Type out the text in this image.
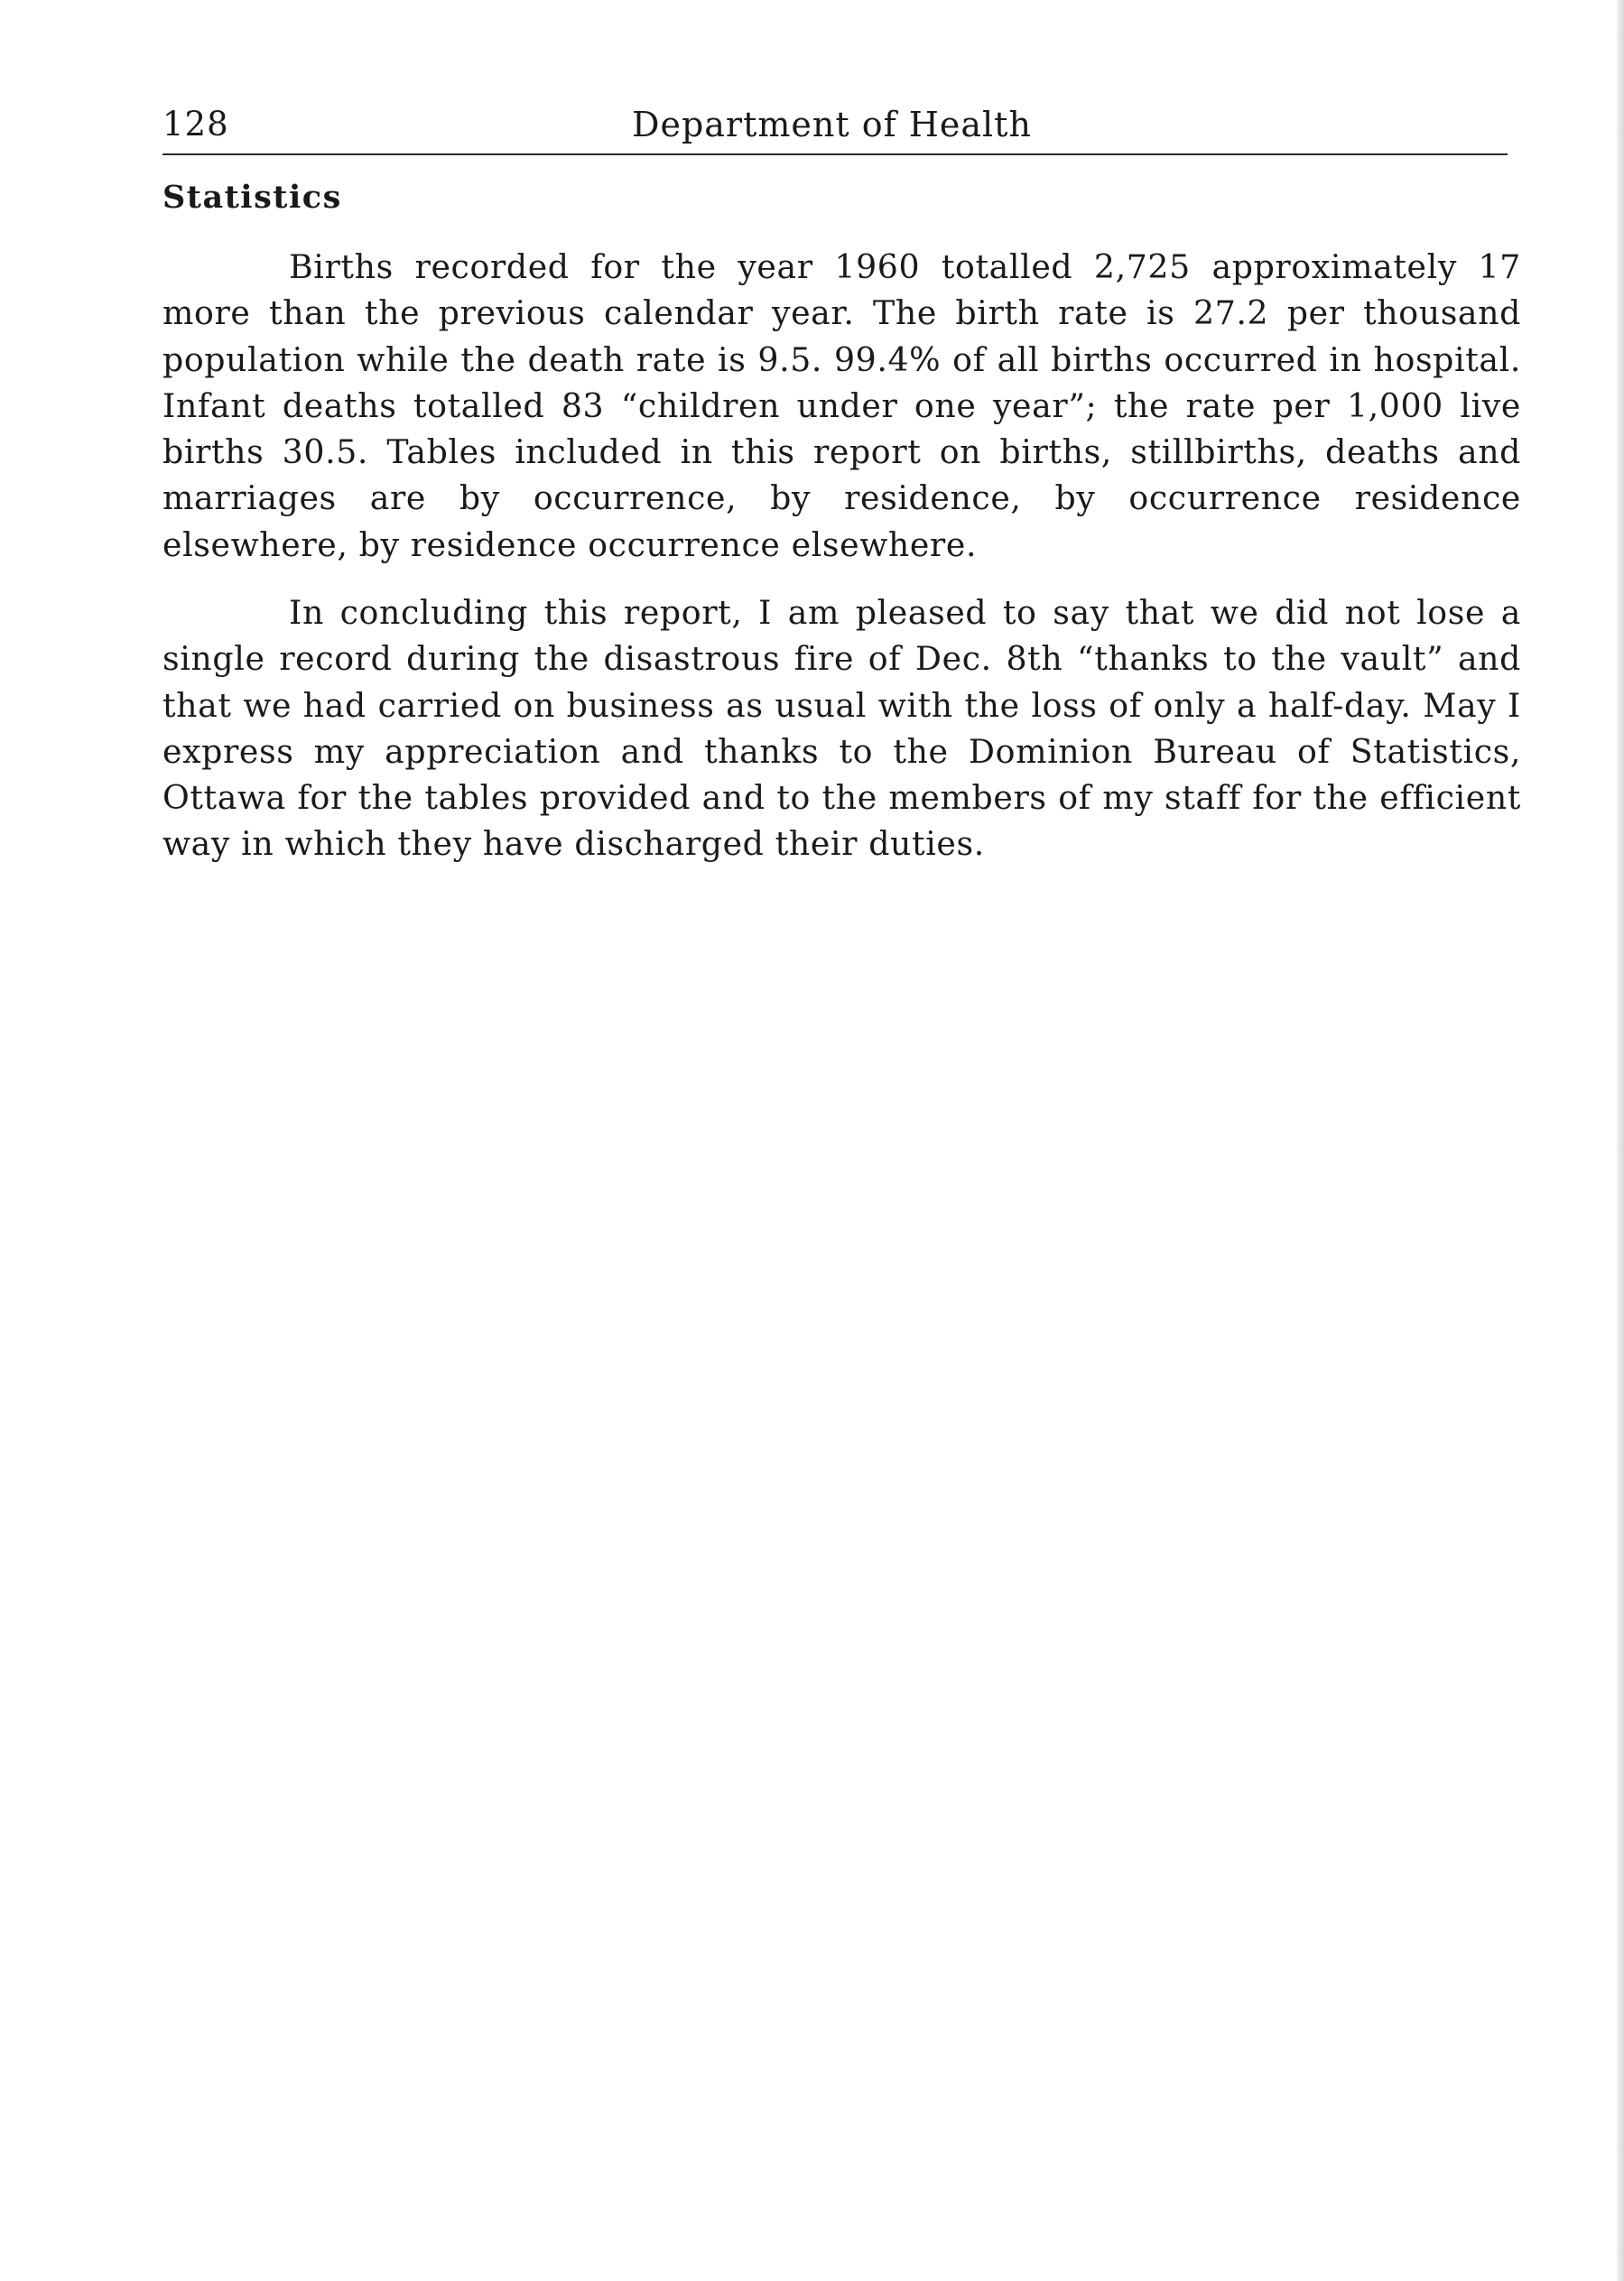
128	Department of Health
Statistics

Births recorded for the year 1960 totalled 2,725 approximately 17 more than the previous calendar year. The birth rate is 27.2 per thousand population while the death rate is 9.5. 99.4% of all births occurred in hospital. Infant deaths totalled 83 “children under one year”; the rate per 1,000 live births 30.5. Tables included in this report on births, stillbirths, deaths and marriages are by occurrence, by residence, by occurrence residence elsewhere, by residence occurrence elsewhere.

In concluding this report, I am pleased to say that we did not lose a single record during the disastrous fire of Dec. 8th “thanks to the vault” and that we had carried on business as usual with the loss of only a half-day. May I express my appreciation and thanks to the Dominion Bureau of Statistics, Ottawa for the tables provided and to the members of my staff for the efficient way in which they have discharged their duties.
